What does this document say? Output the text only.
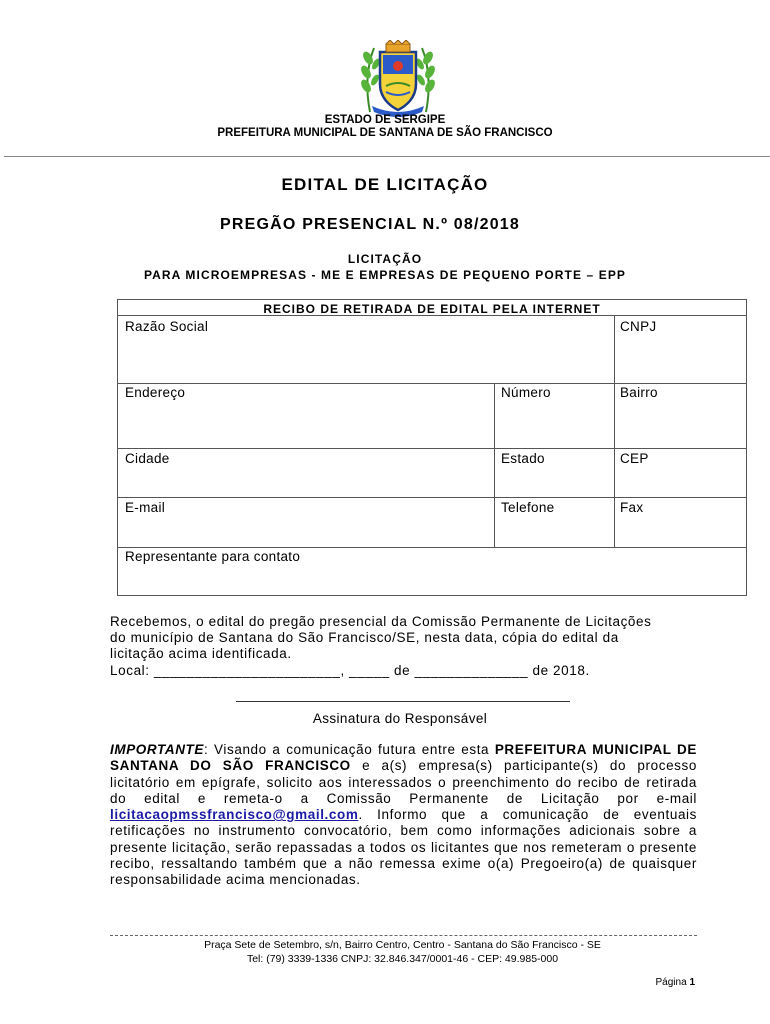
ESTADO DE SERGIPE
PREFEITURA MUNICIPAL DE SANTANA DE SÃO FRANCISCO
EDITAL DE LICITAÇÃO
PREGÃO PRESENCIAL N.º 08/2018
LICITAÇÃO
PARA MICROEMPRESAS - ME E EMPRESAS DE PEQUENO PORTE – EPP
RECIBO DE RETIRADA DE EDITAL PELA INTERNET
Razão Social	CNPJ
Endereço	Número	Bairro
Cidade	Estado	CEP
E-mail	Telefone	Fax
Representante para contato
Recebemos, o edital do pregão presencial da Comissão Permanente de Licitações
do município de Santana do São Francisco/SE, nesta data, cópia do edital da
licitação acima identificada.
Local: _______________________, _____ de ______________ de 2018.
Assinatura do Responsável
IMPORTANTE: Visando a comunicação futura entre esta PREFEITURA MUNICIPAL DE SANTANA DO SÃO FRANCISCO e a(s) empresa(s) participante(s) do processo licitatório em epígrafe, solicito aos interessados o preenchimento do recibo de retirada do edital e remeta-o a Comissão Permanente de Licitação por e-mail licitacaopmssfrancisco@gmail.com. Informo que a comunicação de eventuais retificações no instrumento convocatório, bem como informações adicionais sobre a presente licitação, serão repassadas a todos os licitantes que nos remeteram o presente recibo, ressaltando também que a não remessa exime o(a) Pregoeiro(a) de quaisquer responsabilidade acima mencionadas.
Praça Sete de Setembro, s/n, Bairro Centro, Centro - Santana do São Francisco - SE
Tel: (79) 3339-1336 CNPJ: 32.846.347/0001-46 - CEP: 49.985-000
Página 1
